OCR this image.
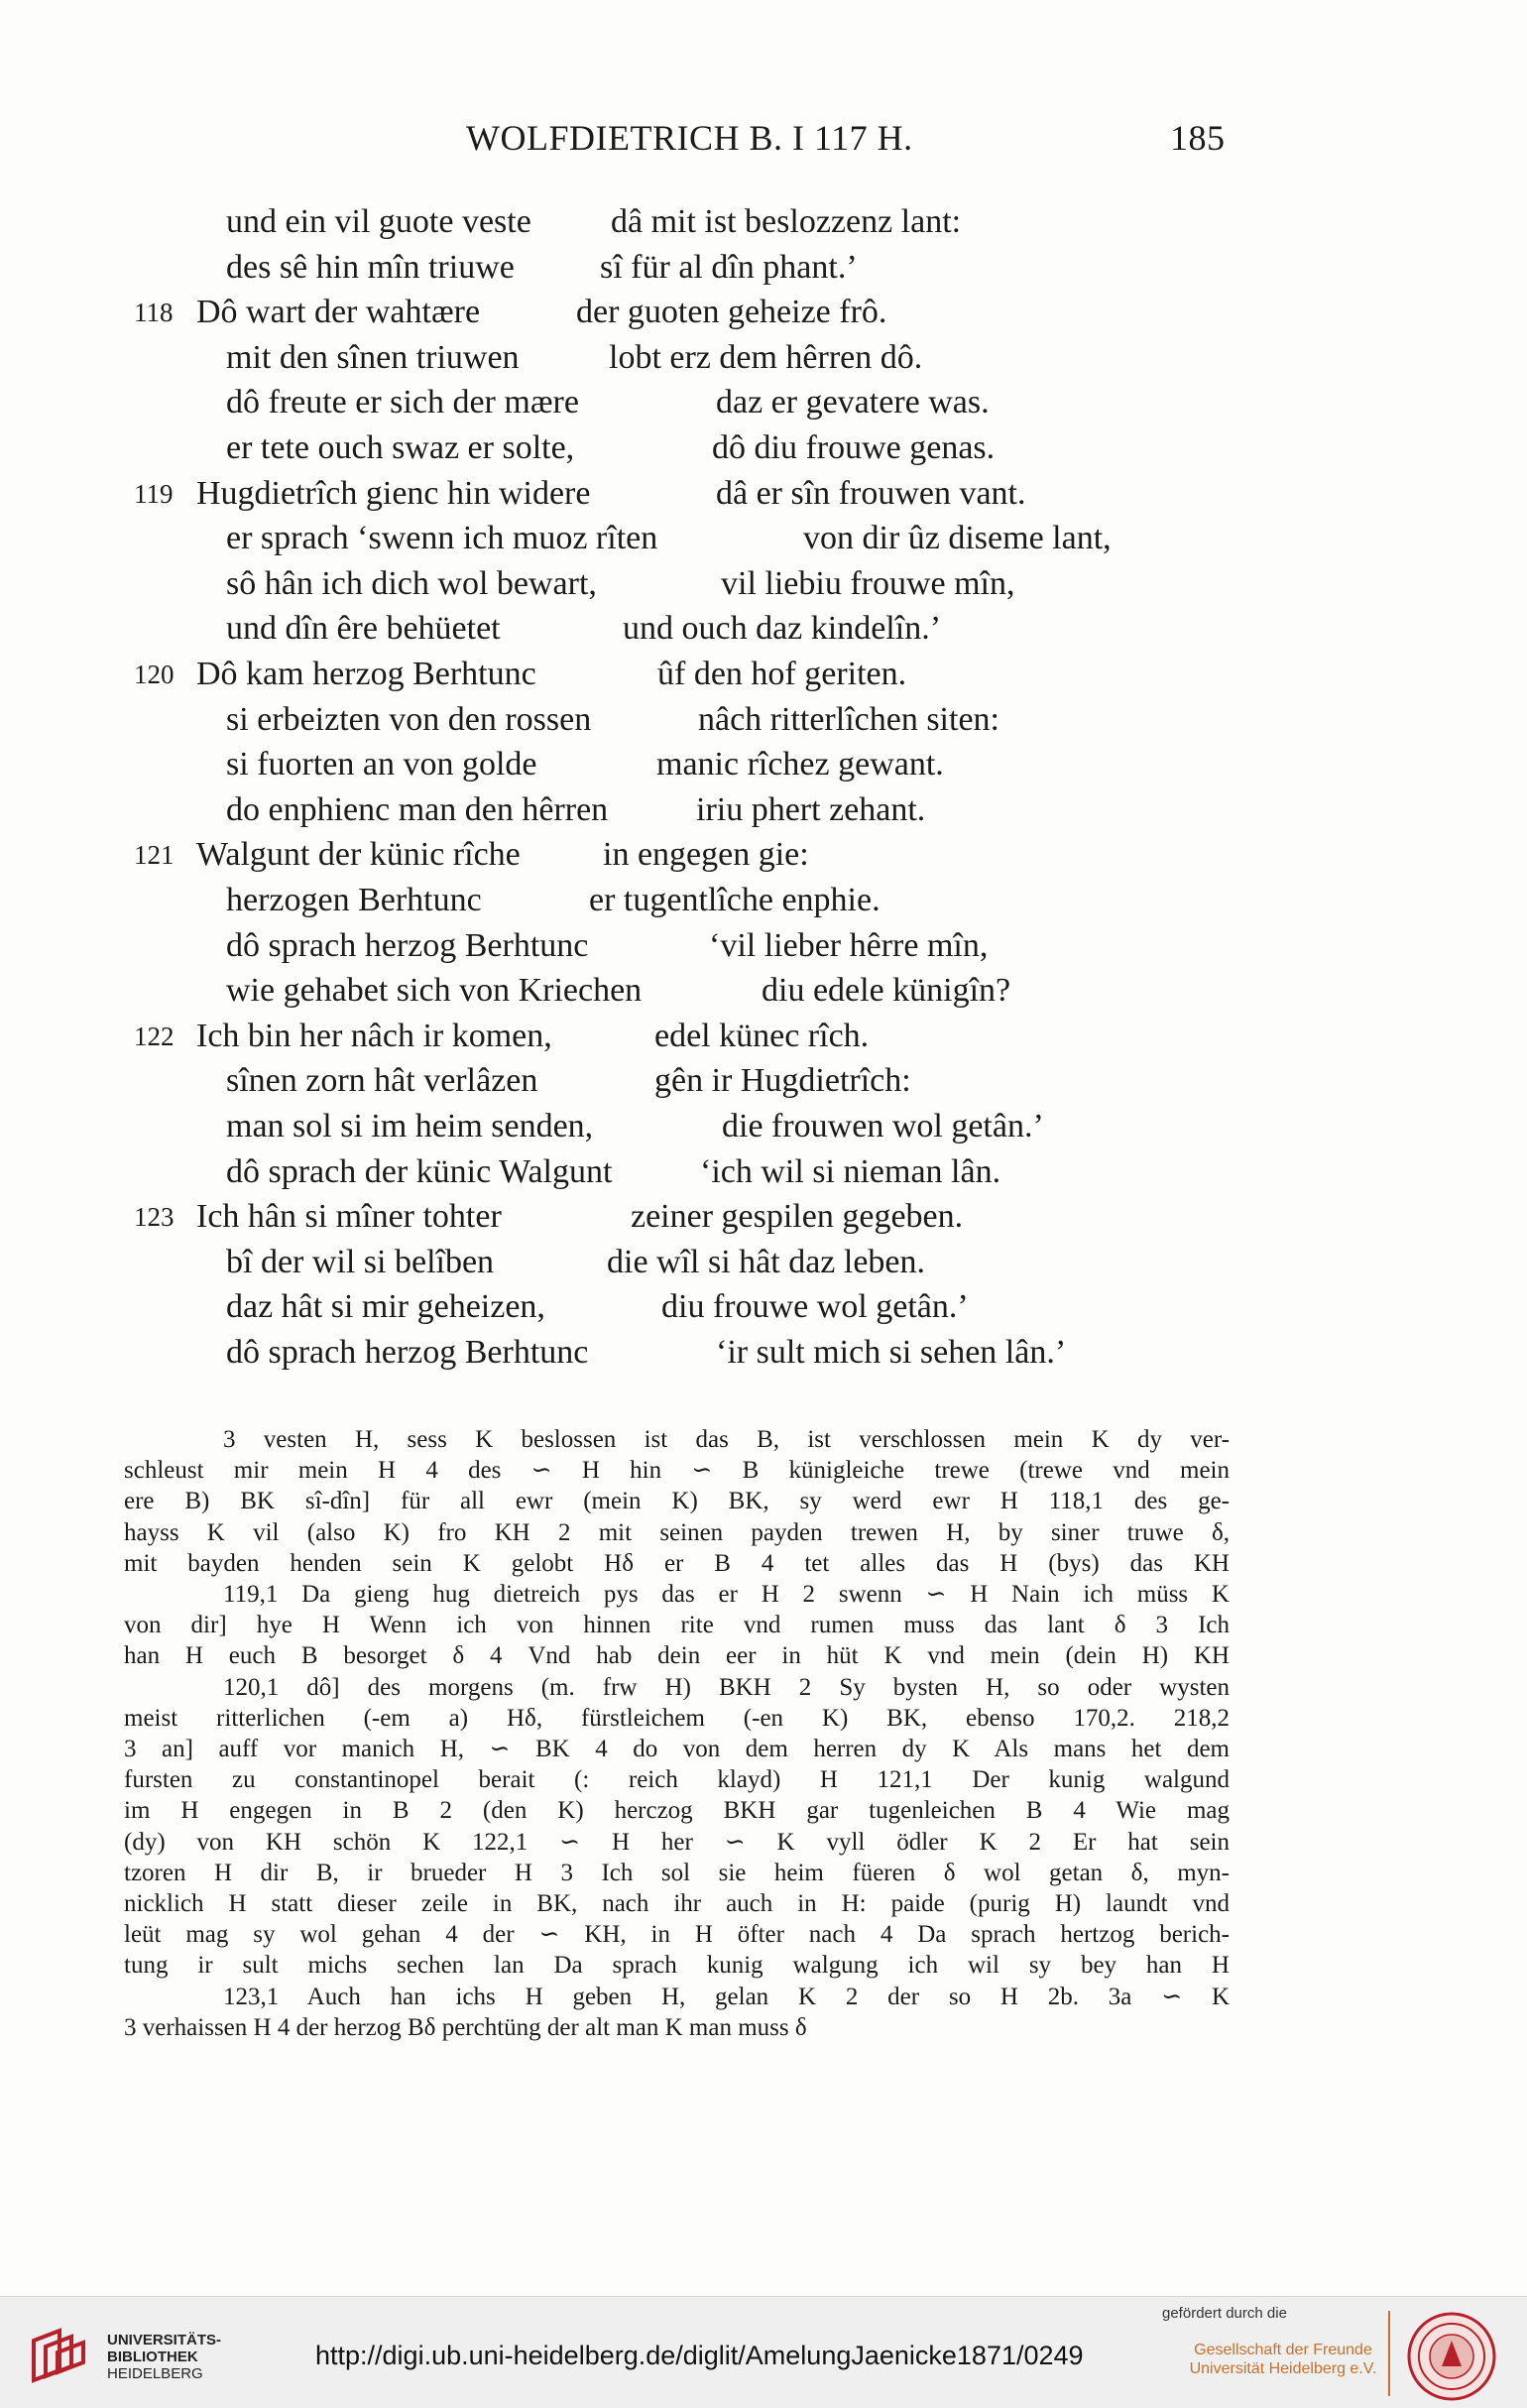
WOLFDIETRICH B. I 117 H.	185
und ein vil guote veste dâ mit ist beslozzenz lant:
des sê hin mîn triuwe	sî für al dîn phant.’
118 Dô wart der wahtære	der guoten geheize frô.
mit den sînen triuwen	lobt erz dem hêrren dô.
dô freute er sich der mære	daz er gevatere was.
er tete ouch swaz er solte,	dô diu frouwe genas.
119 Hugdietrîch gienc hin widere	dâ er sîn frouwen vant.
er sprach ‘swenn ich muoz rîten	von dir ûz diseme lant,
sô hân ich dich wol bewart,	vil liebiu frouwe mîn,
und dîn êre behüetet	und ouch daz kindelîn.’
120 Dô kam herzog Berhtunc	ûf den hof geriten.
si erbeizten von den rossen	nâch ritterlîchen siten:
si fuorten an von golde	manic rîchez gewant.
do enphienc man den hêrren	iriu phert zehant.
121 Walgunt der künic rîche in engegen gie:
herzogen Berhtunc	er tugentlîche enphie.
dô sprach herzog Berhtunc	‘vil lieber hêrre mîn,
wie gehabet sich von Kriechen	diu edele künigîn?
122 Ich bin her nâch ir komen,	edel künec rîch.
sînen zorn hât verlâzen	gên ir Hugdietrîch:
man sol si im heim senden,	die frouwen wol getân.’
dô sprach der künic Walgunt	‘ich wil si nieman lân.
123 Ich hân si mîner tohter	zeiner gespilen gegeben.
bî der wil si belîben	die wîl si hât daz leben.
daz hât si mir geheizen,	diu frouwe wol getân.’
dô sprach herzog Berhtunc	‘ir sult mich si sehen lân.’
3 vesten H, sess K beslossen ist das B, ist verschlossen mein K dy ver-
schleust mir mein H 4 des ∽ H hin ∽ B künigleiche trewe (trewe vnd mein
ere B) BK sî-dîn] für all ewr (mein K) BK, sy werd ewr H 118,1 des ge-
hayss K vil (also K) fro KH 2 mit seinen payden trewen H, by siner truwe δ,
mit bayden henden sein K gelobt Hδ er B 4 tet alles das H (bys) das KH
119,1 Da gieng hug dietreich pys das er H 2 swenn ∽ H Nain ich müss K
von dir] hye H Wenn ich von hinnen rite vnd rumen muss das lant δ 3 Ich
han H euch B besorget δ 4 Vnd hab dein eer in hüt K vnd mein (dein H) KH
120,1 dô] des morgens (m. frw H) BKH 2 Sy bysten H, so oder wysten
meist ritterlichen (-em a) Hδ, fürstleichem (-en K) BK, ebenso 170,2. 218,2
3 an] auff vor manich H, ∽ BK 4 do von dem herren dy K Als mans het dem
fursten zu constantinopel berait (: reich klayd) H 121,1 Der kunig walgund
im H engegen in B 2 (den K) herczog BKH gar tugenleichen B 4 Wie mag
(dy) von KH schön K 122,1 ∽ H her ∽ K vyll ödler K 2 Er hat sein
tzoren H dir B, ir brueder H 3 Ich sol sie heim füeren δ wol getan δ, myn-
nicklich H statt dieser zeile in BK, nach ihr auch in H: paide (purig H) laundt vnd
leüt mag sy wol gehan 4 der ∽ KH, in H öfter nach 4 Da sprach hertzog berich-
tung ir sult michs sechen lan Da sprach kunig walgung ich wil sy bey han H
123,1 Auch han ichs H geben H, gelan K 2 der so H 2b. 3a ∽ K
3 verhaissen H 4 der herzog Bδ perchtüng der alt man K man muss δ
UNIVERSITÄTS-
BIBLIOTHEK
HEIDELBERG
http://digi.ub.uni-heidelberg.de/diglit/AmelungJaenicke1871/0249
gefördert durch die
Gesellschaft der Freunde
Universität Heidelberg e.V.
